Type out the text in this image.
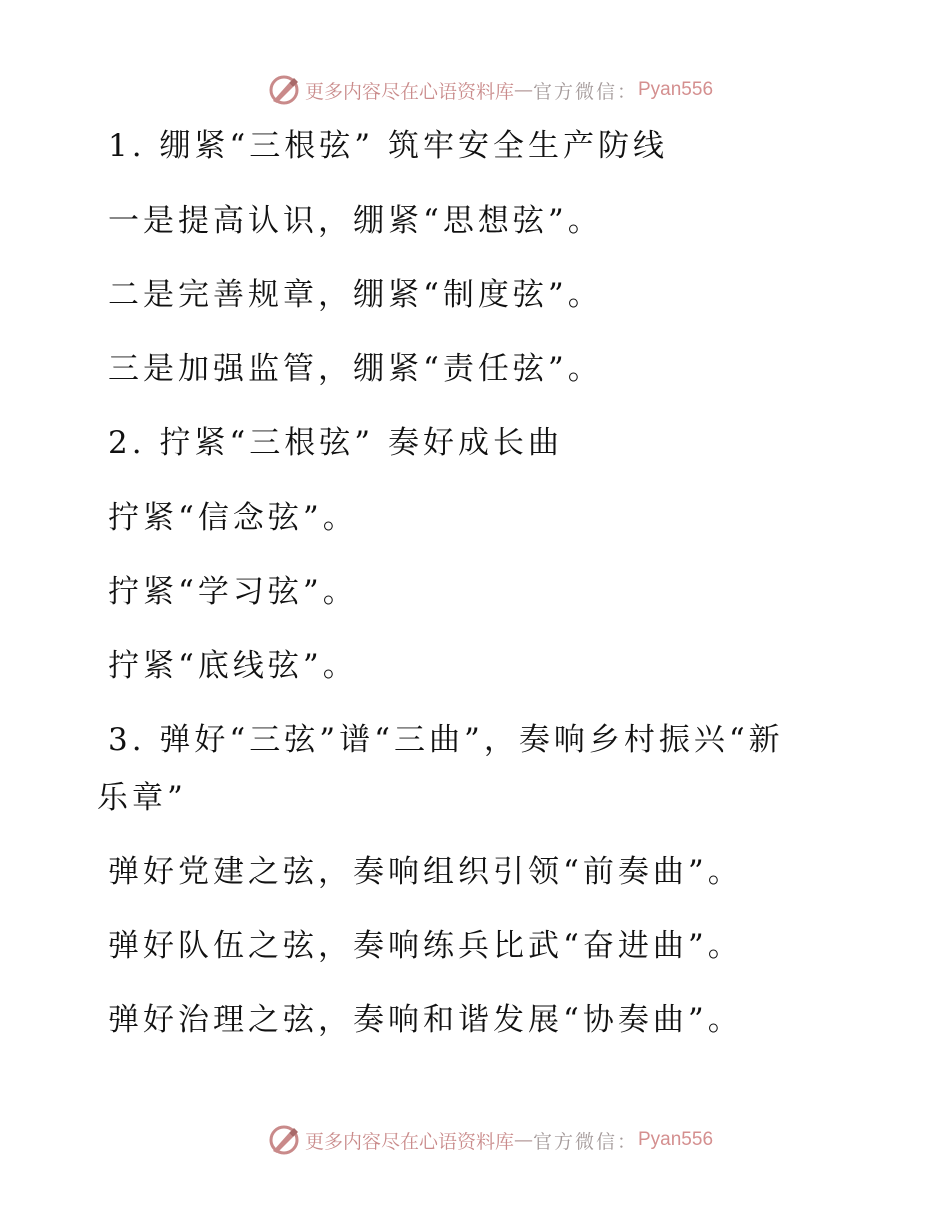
更多内容尽在心语资料库 — 官方微信： Pyan556
1. 绷紧“三根弦” 筑牢安全生产防线
一是提高认识，绷紧“思想弦”。
二是完善规章，绷紧“制度弦”。
三是加强监管，绷紧“责任弦”。
2. 拧紧“三根弦” 奏好成长曲
拧紧“信念弦”。
拧紧“学习弦”。
拧紧“底线弦”。
3. 弹好“三弦”谱“三曲”，奏响乡村振兴“新
乐章”
弹好党建之弦，奏响组织引领“前奏曲”。
弹好队伍之弦，奏响练兵比武“奋进曲”。
弹好治理之弦，奏响和谐发展“协奏曲”。
更多内容尽在心语资料库 — 官方微信： Pyan556
